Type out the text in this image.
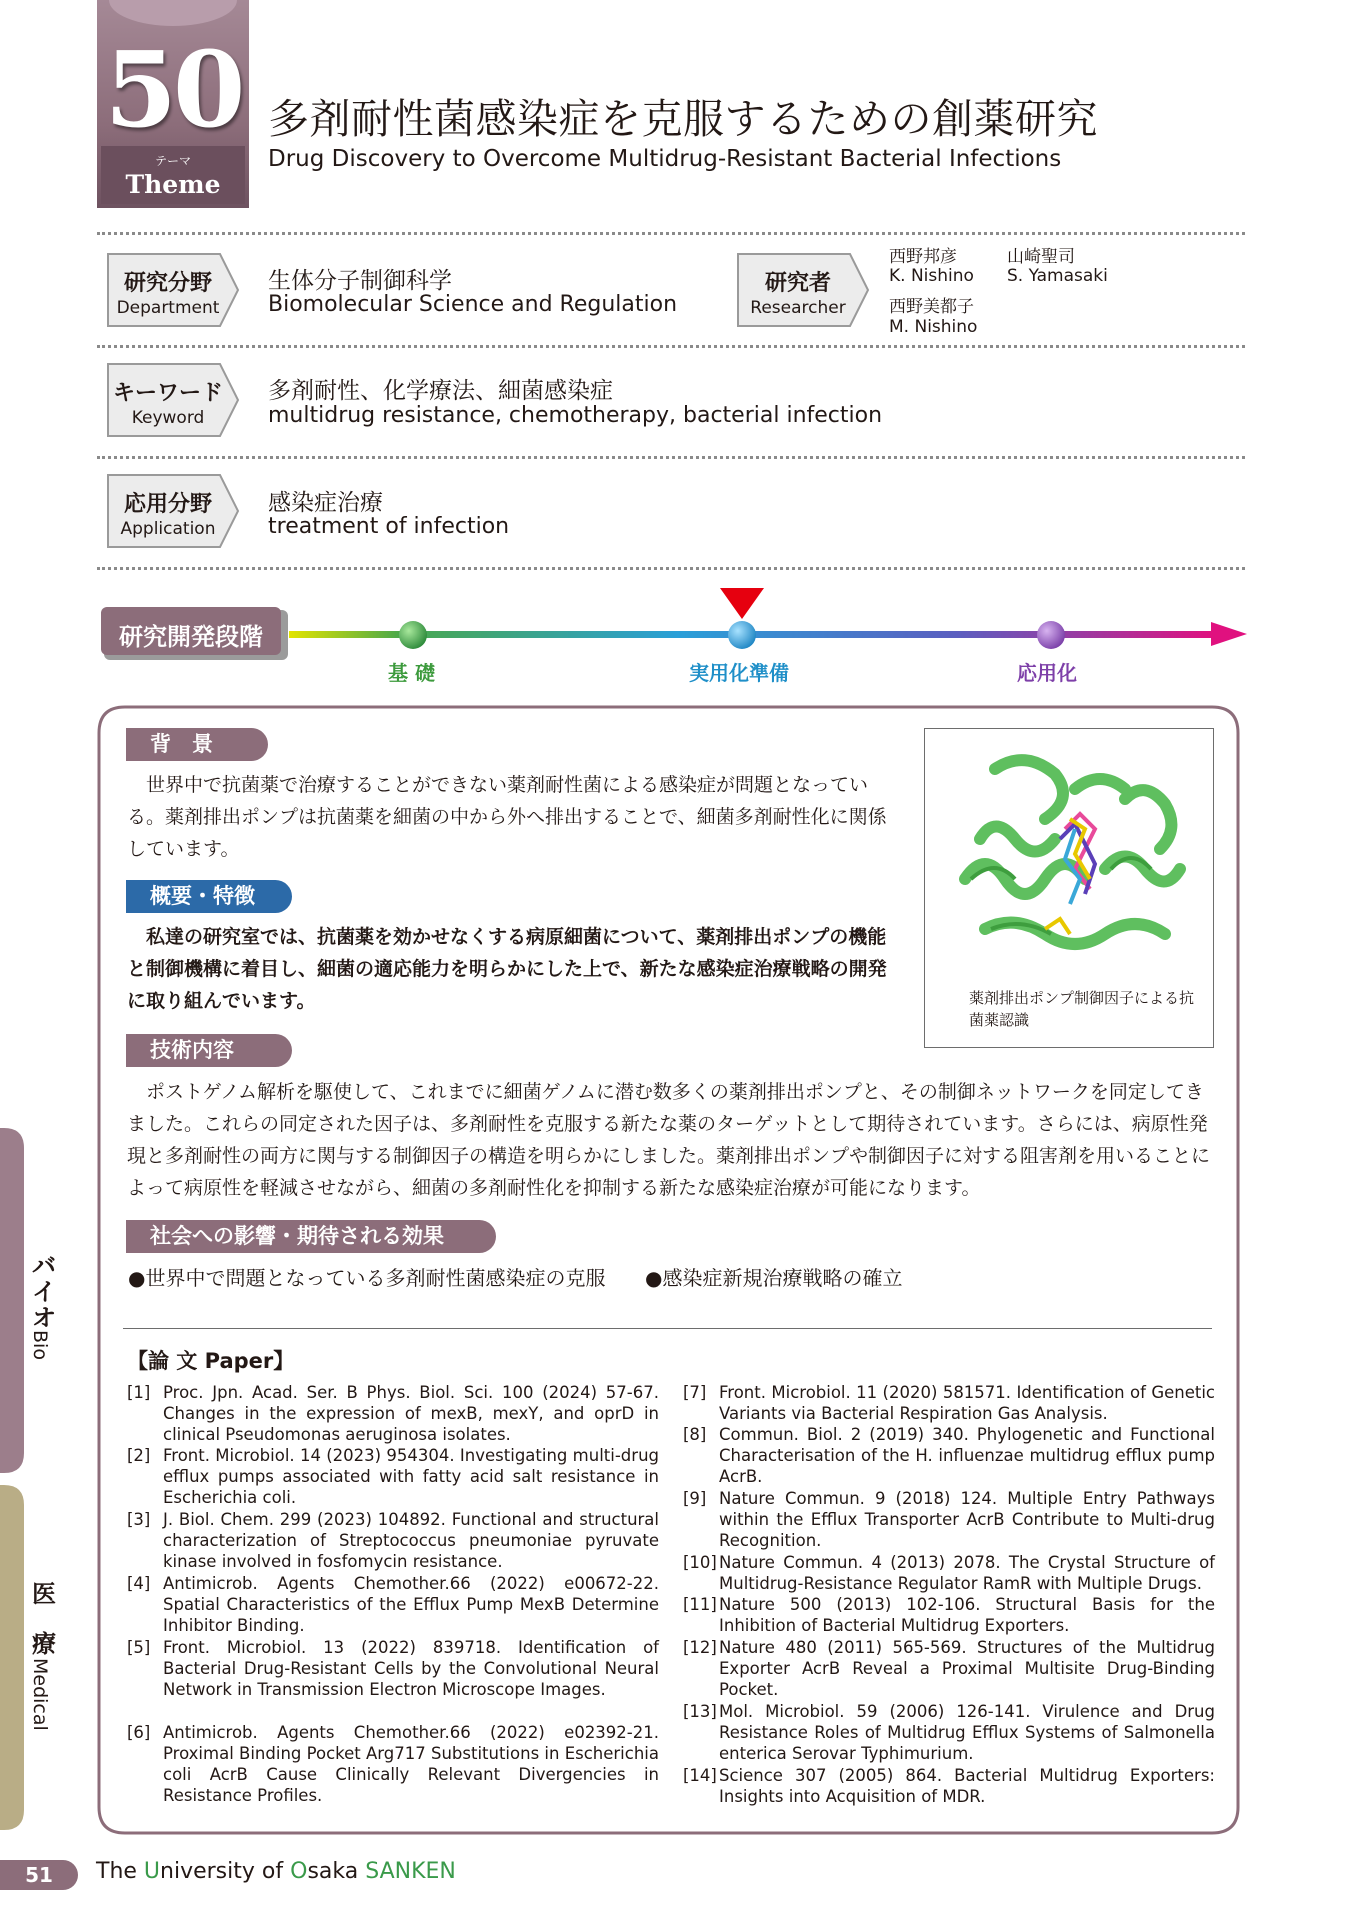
50
テーマ
Theme
多剤耐性菌感染症を克服するための創薬研究
Drug Discovery to Overcome Multidrug-Resistant Bacterial Infections
研究分野
Department
生体分子制御科学
Biomolecular Science and Regulation
研究者
Researcher
西野邦彦
K. Nishino
山崎聖司
S. Yamasaki
西野美都子
M. Nishino
キーワード
Keyword
多剤耐性、化学療法、細菌感染症
multidrug resistance, chemotherapy, bacterial infection
応用分野
Application
感染症治療
treatment of infection
研究開発段階
基 礎	実用化準備	応用化
背　景
世界中で抗菌薬で治療することができない薬剤耐性菌による感染症が問題となっている。薬剤排出ポンプは抗菌薬を細菌の中から外へ排出することで、細菌多剤耐性化に関係しています。
概要・特徴
私達の研究室では、抗菌薬を効かせなくする病原細菌について、薬剤排出ポンプの機能と制御機構に着目し、細菌の適応能力を明らかにした上で、新たな感染症治療戦略の開発に取り組んでいます。	薬剤排出ポンプ制御因子による抗菌薬認識
技術内容
ポストゲノム解析を駆使して、これまでに細菌ゲノムに潜む数多くの薬剤排出ポンプと、その制御ネットワークを同定してきました。これらの同定された因子は、多剤耐性を克服する新たな薬のターゲットとして期待されています。さらには、病原性発現と多剤耐性の両方に関与する制御因子の構造を明らかにしました。薬剤排出ポンプや制御因子に対する阻害剤を用いることによって病原性を軽減させながら、細菌の多剤耐性化を抑制する新たな感染症治療が可能になります。
社会への影響・期待される効果
●世界中で問題となっている多剤耐性菌感染症の克服 ●感染症新規治療戦略の確立
【論 文 Paper】
[1] Proc. Jpn. Acad. Ser. B Phys. Biol. Sci. 100 (2024) 57-67. Changes in the expression of mexB, mexY, and oprD in clinical Pseudomonas aeruginosa isolates.
[2] Front. Microbiol. 14 (2023) 954304. Investigating multi-drug efflux pumps associated with fatty acid salt resistance in Escherichia coli.
[3] J. Biol. Chem. 299 (2023) 104892. Functional and structural characterization of Streptococcus pneumoniae pyruvate kinase involved in fosfomycin resistance.
[4] Antimicrob. Agents Chemother.66 (2022) e00672-22. Spatial Characteristics of the Efflux Pump MexB Determine Inhibitor Binding.
[5] Front. Microbiol. 13 (2022) 839718. Identification of Bacterial Drug-Resistant Cells by the Convolutional Neural Network in Transmission Electron Microscope Images.
[6] Antimicrob. Agents Chemother.66 (2022) e02392-21. Proximal Binding Pocket Arg717 Substitutions in Escherichia coli AcrB Cause Clinically Relevant Divergencies in Resistance Profiles.
[7] Front. Microbiol. 11 (2020) 581571. Identification of Genetic Variants via Bacterial Respiration Gas Analysis.
[8] Commun. Biol. 2 (2019) 340. Phylogenetic and Functional Characterisation of the H. influenzae multidrug efflux pump AcrB.
[9] Nature Commun. 9 (2018) 124. Multiple Entry Pathways within the Efflux Transporter AcrB Contribute to Multi-drug Recognition.
[10] Nature Commun. 4 (2013) 2078. The Crystal Structure of Multidrug-Resistance Regulator RamR with Multiple Drugs.
[11] Nature 500 (2013) 102-106. Structural Basis for the Inhibition of Bacterial Multidrug Exporters.
[12] Nature 480 (2011) 565-569. Structures of the Multidrug Exporter AcrB Reveal a Proximal Multisite Drug-Binding Pocket.
[13] Mol. Microbiol. 59 (2006) 126-141. Virulence and Drug Resistance Roles of Multidrug Efflux Systems of Salmonella enterica Serovar Typhimurium.
[14] Science 307 (2005) 864. Bacterial Multidrug Exporters: Insights into Acquisition of MDR.
バ
イ
オ
Bio
医
療
Medical
51	The University of Osaka SANKEN
